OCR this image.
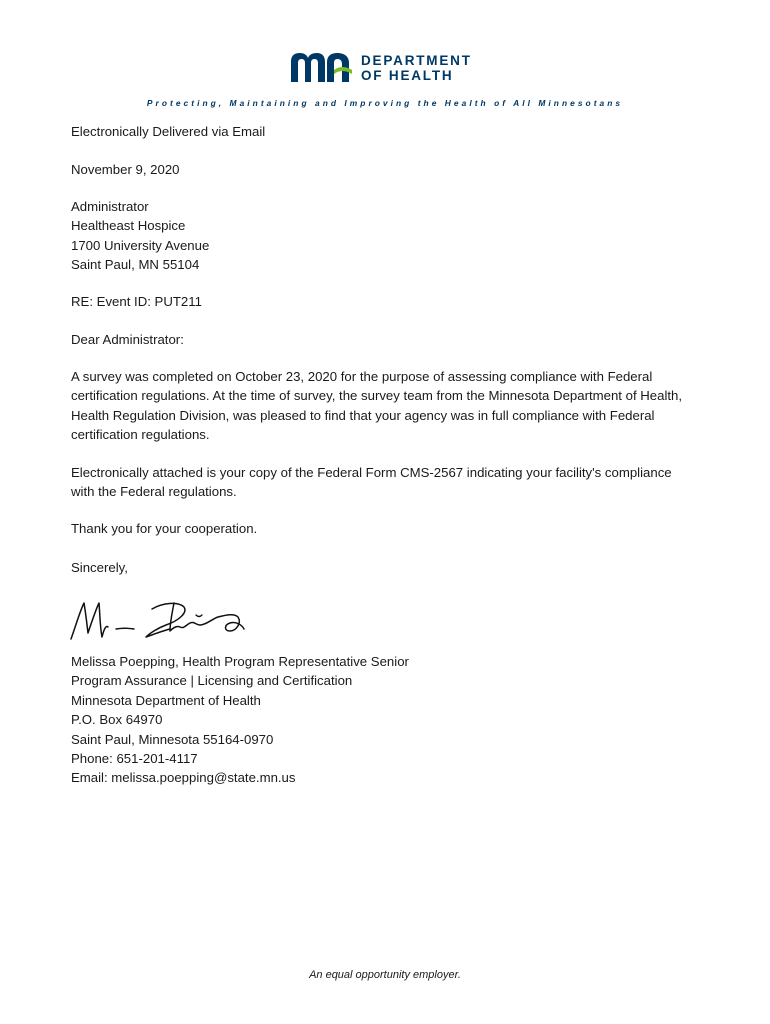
DEPARTMENT
OF HEALTH
Protecting, Maintaining and Improving the Health of All Minnesotans
Electronically Delivered via Email
November 9, 2020
Administrator
Healtheast Hospice
1700 University Avenue
Saint Paul, MN 55104
RE: Event ID: PUT211
Dear Administrator:
A survey was completed on October 23, 2020 for the purpose of assessing compliance with Federal certification regulations. At the time of survey, the survey team from the Minnesota Department of Health, Health Regulation Division, was pleased to find that your agency was in full compliance with Federal certification regulations.
Electronically attached is your copy of the Federal Form CMS-2567 indicating your facility's compliance with the Federal regulations.
Thank you for your cooperation.
Sincerely,
Melissa Poepping, Health Program Representative Senior
Program Assurance | Licensing and Certification
Minnesota Department of Health
P.O. Box 64970
Saint Paul, Minnesota 55164-0970
Phone: 651-201-4117
Email: melissa.poepping@state.mn.us
An equal opportunity employer.
